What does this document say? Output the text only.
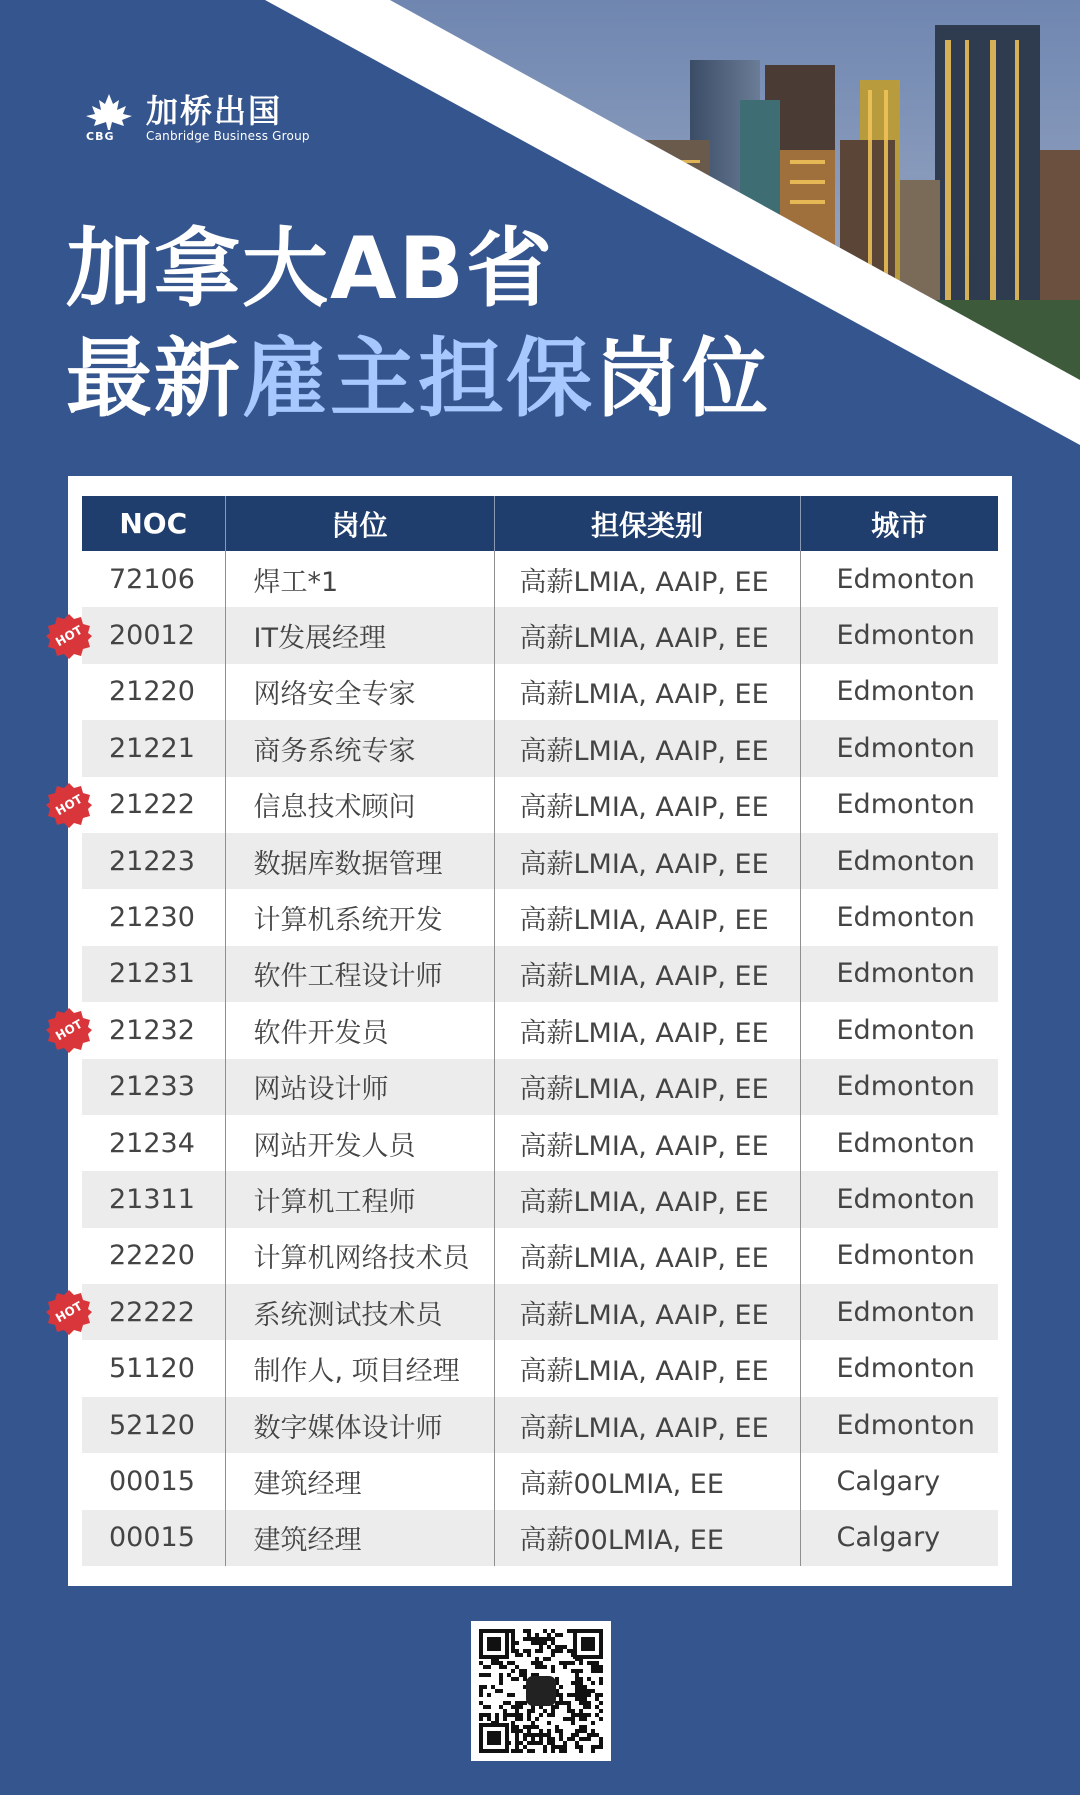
CBG
加桥出国
Canbridge Business Group
加拿大AB省
最新雇主担保岗位
NOC	岗位	担保类别	城市
72106	焊工*1	高薪LMIA, AAIP, EE	Edmonton
20012	IT发展经理	高薪LMIA, AAIP, EE	Edmonton
21220	网络安全专家	高薪LMIA, AAIP, EE	Edmonton
21221	商务系统专家	高薪LMIA, AAIP, EE	Edmonton
21222	信息技术顾问	高薪LMIA, AAIP, EE	Edmonton
21223	数据库数据管理	高薪LMIA, AAIP, EE	Edmonton
21230	计算机系统开发	高薪LMIA, AAIP, EE	Edmonton
21231	软件工程设计师	高薪LMIA, AAIP, EE	Edmonton
21232	软件开发员	高薪LMIA, AAIP, EE	Edmonton
21233	网站设计师	高薪LMIA, AAIP, EE	Edmonton
21234	网站开发人员	高薪LMIA, AAIP, EE	Edmonton
21311	计算机工程师	高薪LMIA, AAIP, EE	Edmonton
22220	计算机网络技术员	高薪LMIA, AAIP, EE	Edmonton
22222	系统测试技术员	高薪LMIA, AAIP, EE	Edmonton
51120	制作人, 项目经理	高薪LMIA, AAIP, EE	Edmonton
52120	数字媒体设计师	高薪LMIA, AAIP, EE	Edmonton
00015	建筑经理	高薪00LMIA, EE	Calgary
00015	建筑经理	高薪00LMIA, EE	Calgary
HOT
HOT
HOT
HOT
